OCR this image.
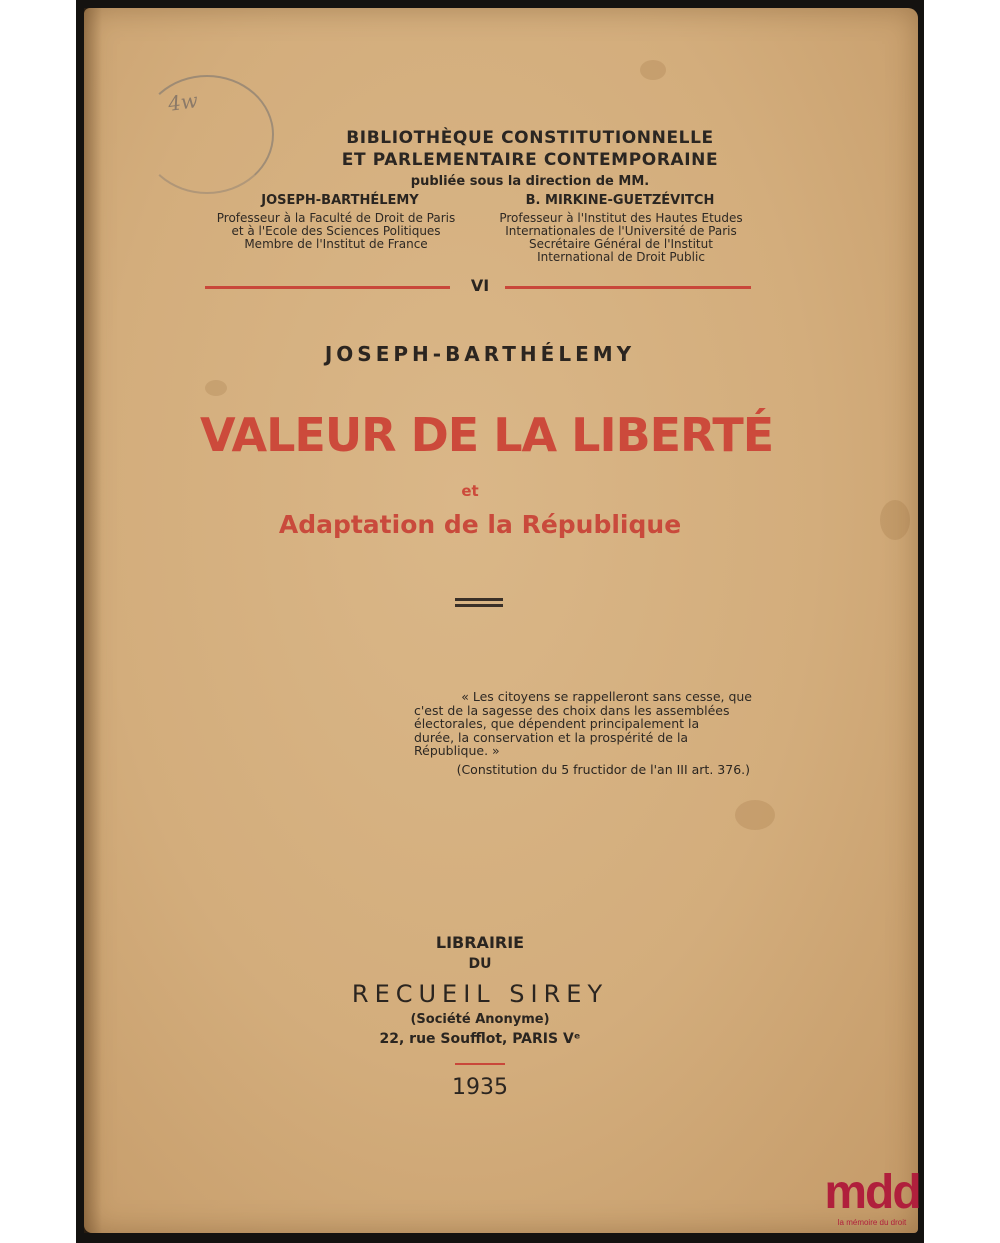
4w
BIBLIOTHÈQUE CONSTITUTIONNELLE
ET PARLEMENTAIRE CONTEMPORAINE
publiée sous la direction de MM.
JOSEPH-BARTHÉLEMY
Professeur à la Faculté de Droit de Paris
et à l'Ecole des Sciences Politiques
Membre de l'Institut de France
B. MIRKINE-GUETZÉVITCH
Professeur à l'Institut des Hautes Etudes
Internationales de l'Université de Paris
Secrétaire Général de l'Institut
International de Droit Public
VI
JOSEPH-BARTHÉLEMY
VALEUR DE LA LIBERTÉ
et
Adaptation de la République
« Les citoyens se rappelleront sans cesse, que
c'est de la sagesse des choix dans les assemblées
électorales, que dépendent principalement la
durée, la conservation et la prospérité de la
République. »
(Constitution du 5 fructidor de l'an III art. 376.)
LIBRAIRIE
DU
RECUEIL SIREY
(Société Anonyme)
22, rue Soufflot, PARIS Vᵉ
1935
mdd
la mémoire du droit
